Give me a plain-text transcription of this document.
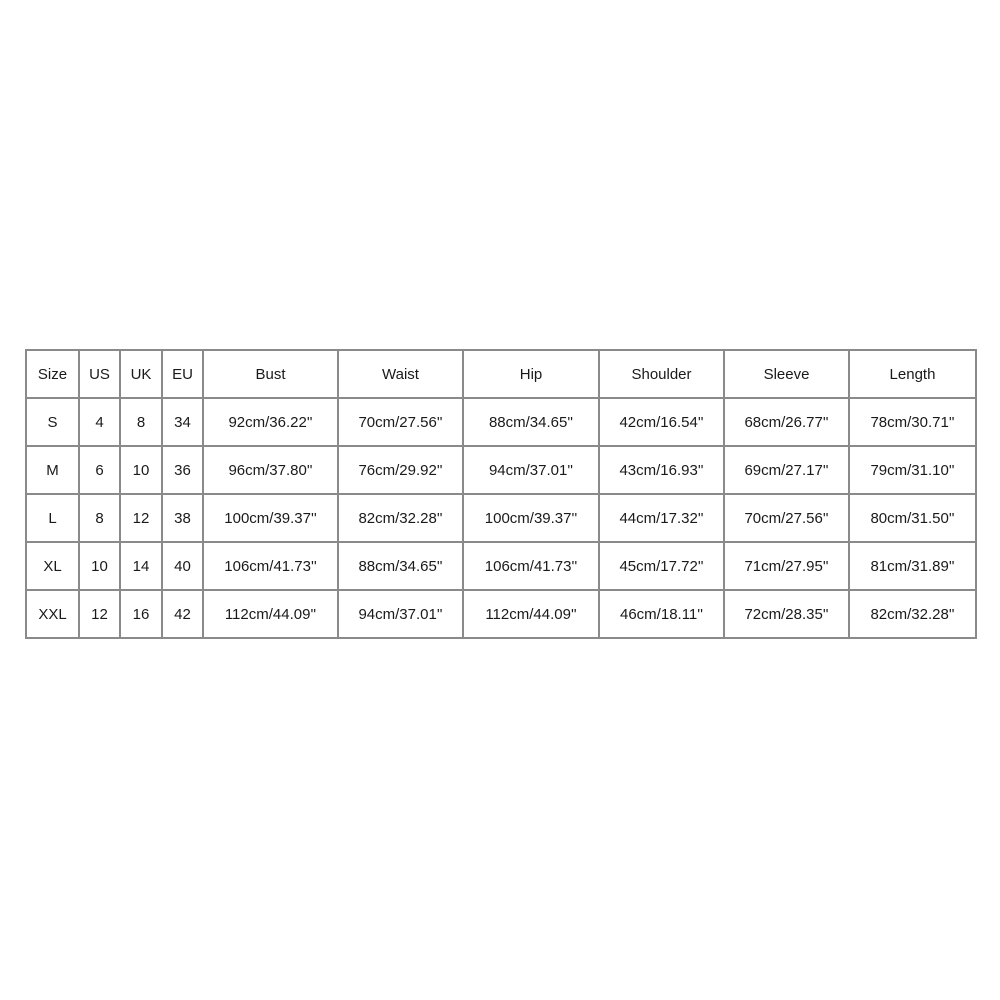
Size	US	UK	EU	Bust	Waist	Hip	Shoulder	Sleeve	Length
S	4	8	34	92cm/36.22''	70cm/27.56''	88cm/34.65''	42cm/16.54''	68cm/26.77''	78cm/30.71''
M	6	10	36	96cm/37.80''	76cm/29.92''	94cm/37.01''	43cm/16.93''	69cm/27.17''	79cm/31.10''
L	8	12	38	100cm/39.37''	82cm/32.28''	100cm/39.37''	44cm/17.32''	70cm/27.56''	80cm/31.50''
XL	10	14	40	106cm/41.73''	88cm/34.65''	106cm/41.73''	45cm/17.72''	71cm/27.95''	81cm/31.89''
XXL	12	16	42	112cm/44.09''	94cm/37.01''	112cm/44.09''	46cm/18.11''	72cm/28.35''	82cm/32.28''
